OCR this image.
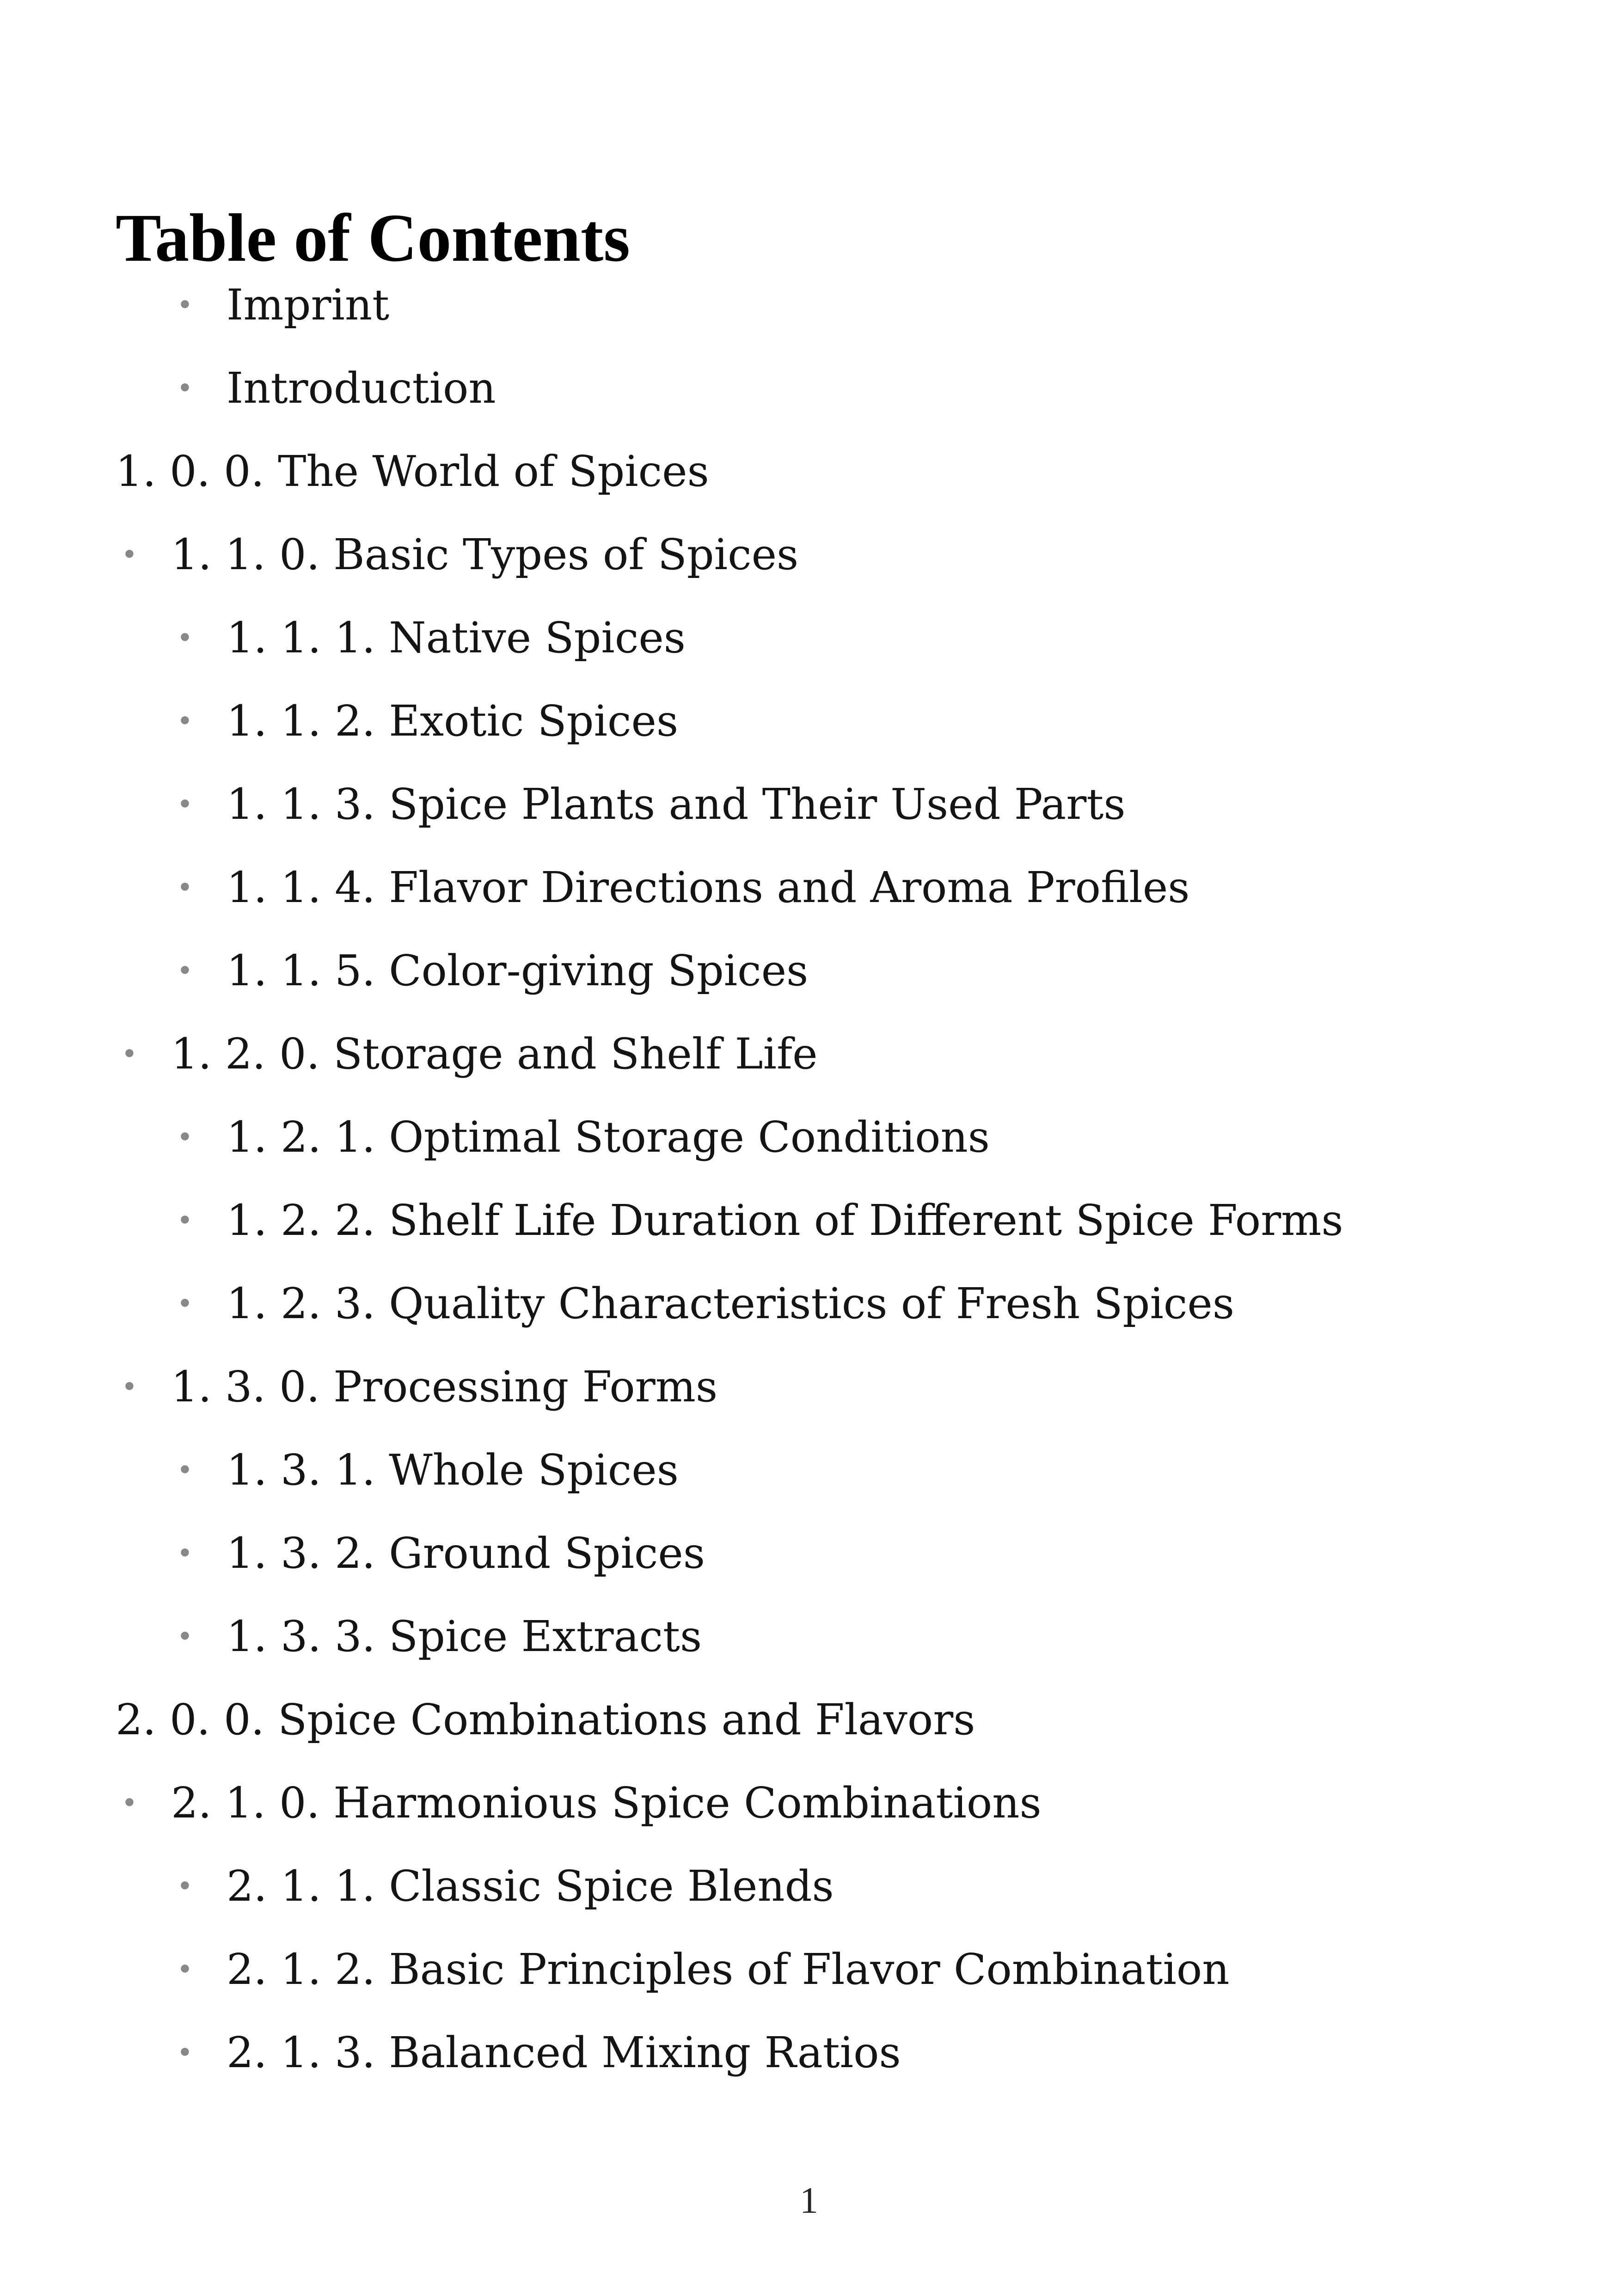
Table of Contents
• Imprint
• Introduction
1. 0. 0. The World of Spices
• 1. 1. 0. Basic Types of Spices
• 1. 1. 1. Native Spices
• 1. 1. 2. Exotic Spices
• 1. 1. 3. Spice Plants and Their Used Parts
• 1. 1. 4. Flavor Directions and Aroma Profiles
• 1. 1. 5. Color-giving Spices
• 1. 2. 0. Storage and Shelf Life
• 1. 2. 1. Optimal Storage Conditions
• 1. 2. 2. Shelf Life Duration of Different Spice Forms
• 1. 2. 3. Quality Characteristics of Fresh Spices
• 1. 3. 0. Processing Forms
• 1. 3. 1. Whole Spices
• 1. 3. 2. Ground Spices
• 1. 3. 3. Spice Extracts
2. 0. 0. Spice Combinations and Flavors
• 2. 1. 0. Harmonious Spice Combinations
• 2. 1. 1. Classic Spice Blends
• 2. 1. 2. Basic Principles of Flavor Combination
• 2. 1. 3. Balanced Mixing Ratios
1
